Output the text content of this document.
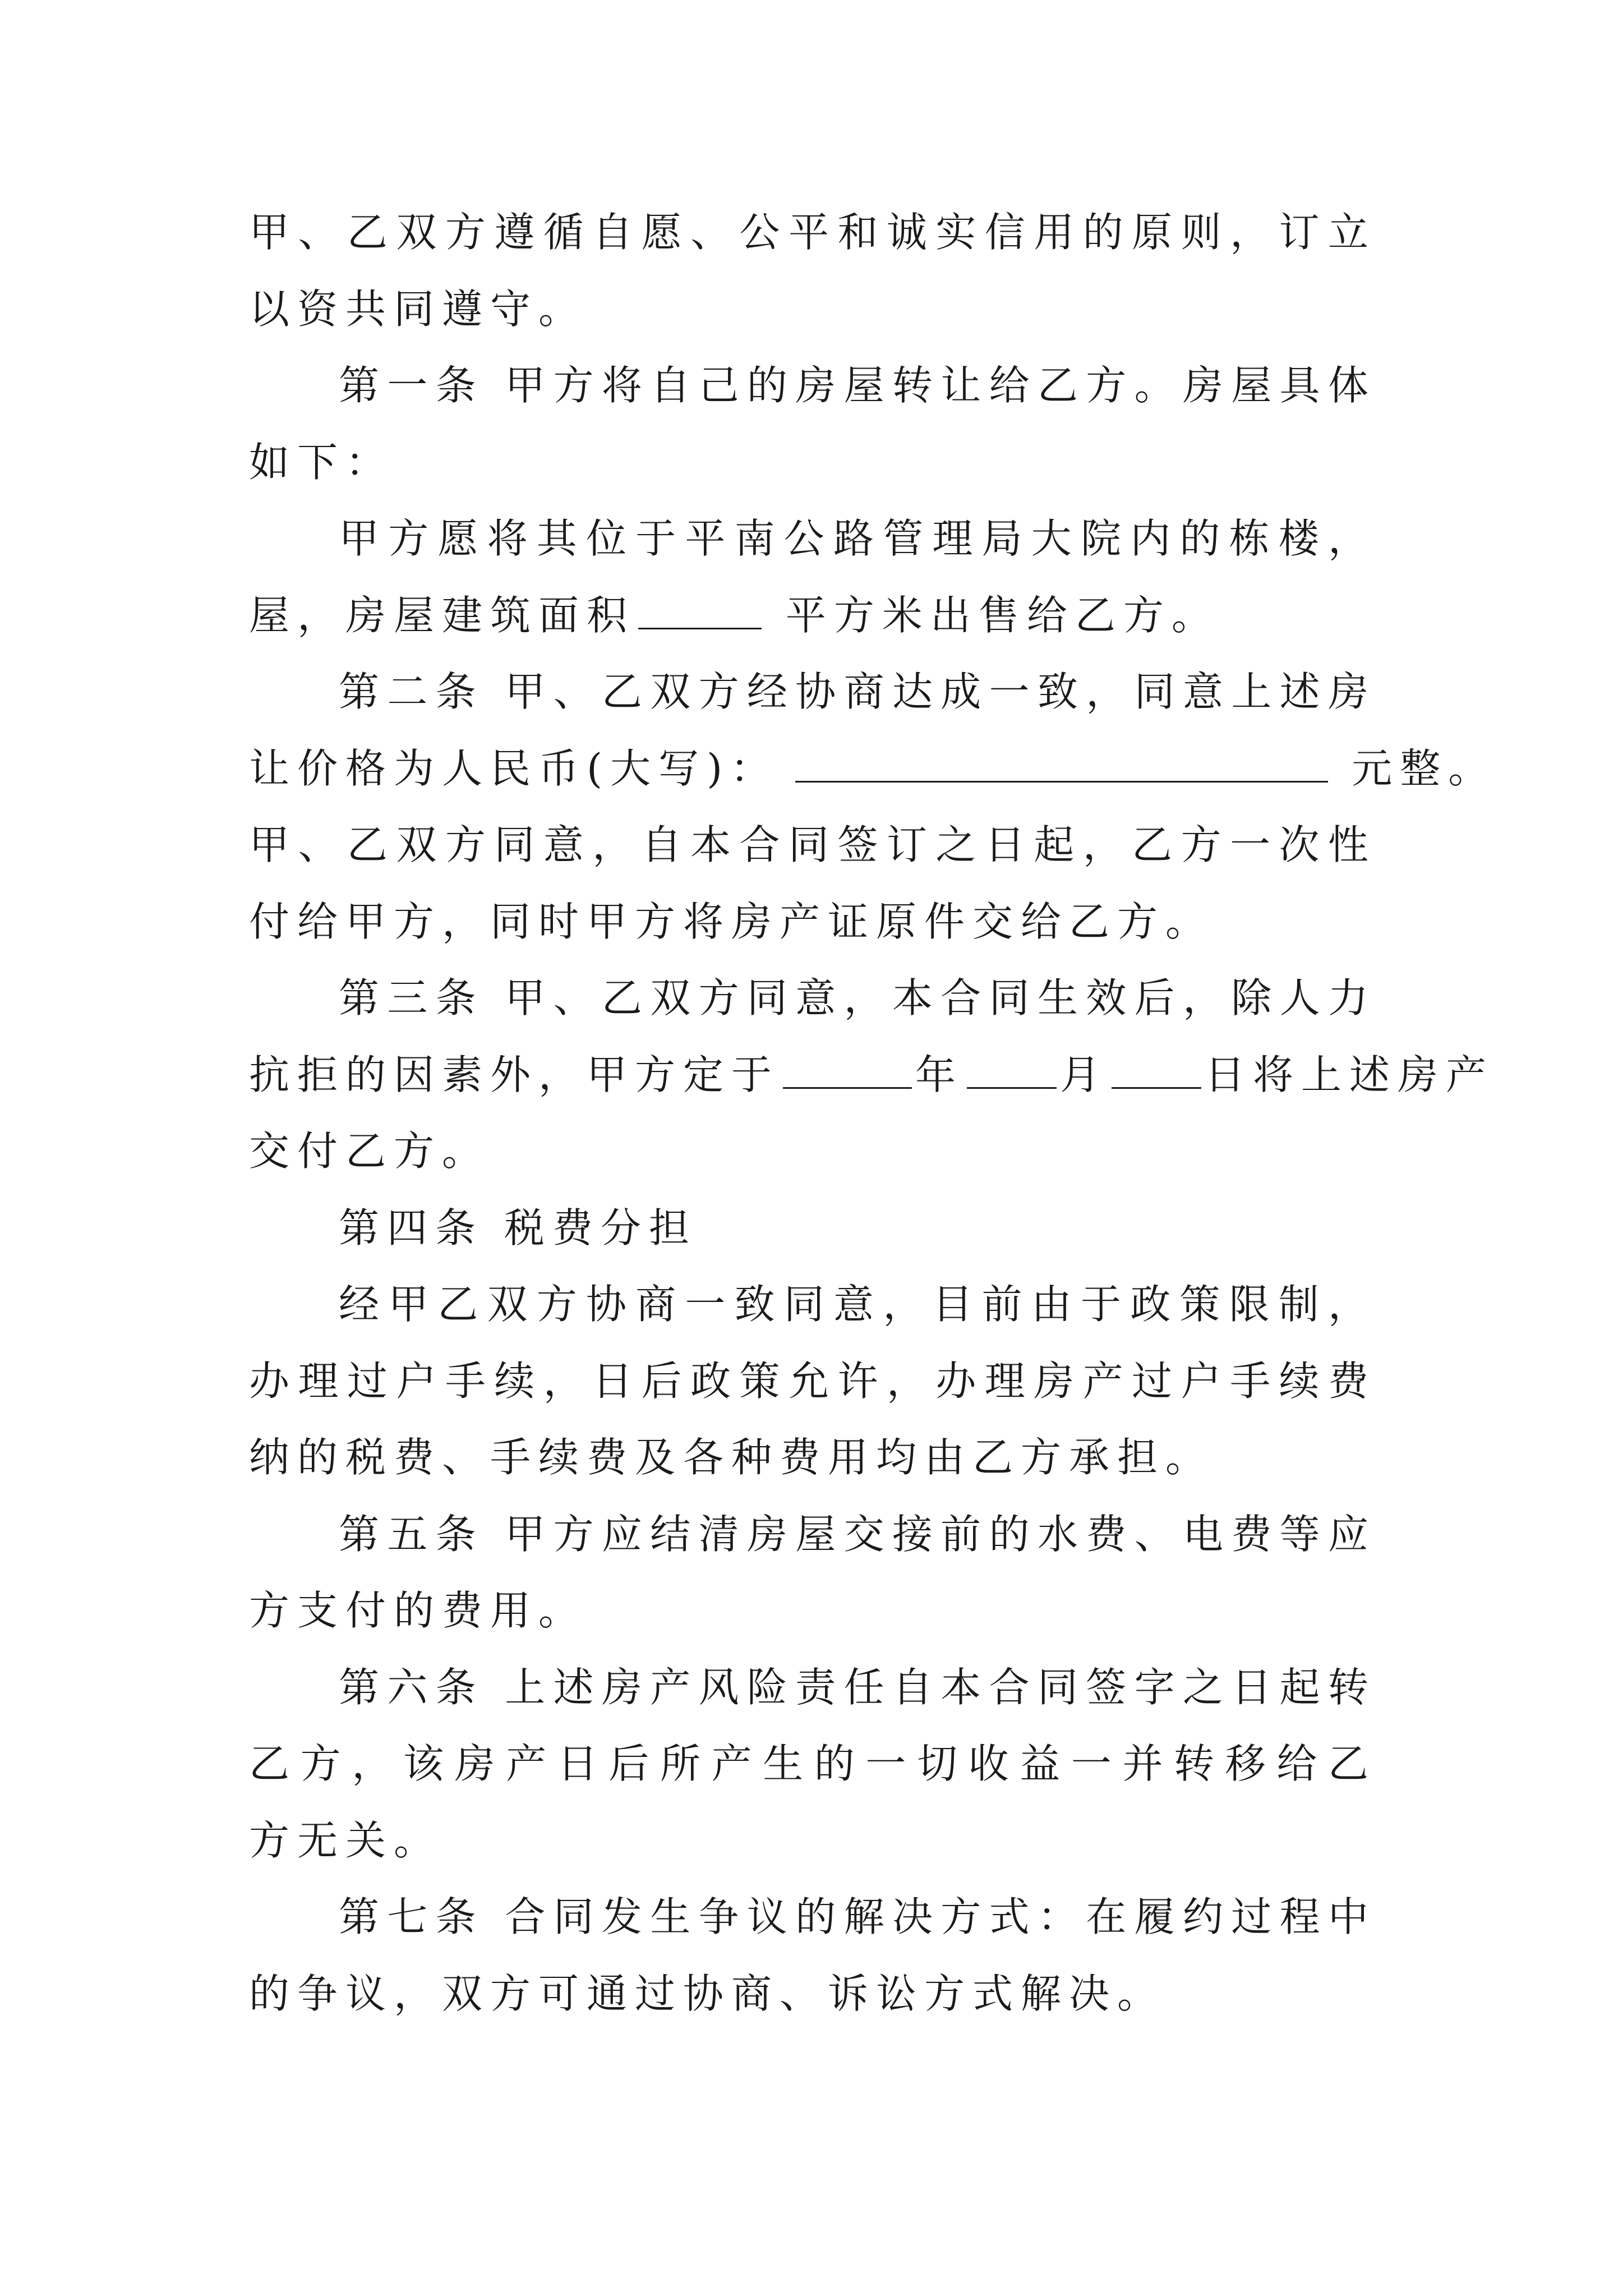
甲、乙双方遵循自愿、公平和诚实信用的原则，订立
以资共同遵守。
第一条 甲方将自己的房屋转让给乙方。房屋具体
如下：
甲方愿将其位于平南公路管理局大院内的栋楼，
屋，房屋建筑面积	平方米出售给乙方。
第二条 甲、乙双方经协商达成一致，同意上述房
让价格为人民币(大写)：	元整。
甲、乙双方同意，自本合同签订之日起，乙方一次性
付给甲方，同时甲方将房产证原件交给乙方。
第三条 甲、乙双方同意，本合同生效后，除人力
抗拒的因素外，甲方定于	年 月 日将上述房产
交付乙方。
第四条 税费分担
经甲乙双方协商一致同意，目前由于政策限制，
办理过户手续，日后政策允许，办理房产过户手续费
纳的税费、手续费及各种费用均由乙方承担。
第五条 甲方应结清房屋交接前的水费、电费等应
方支付的费用。
第六条 上述房产风险责任自本合同签字之日起转
乙方，该房产日后所产生的一切收益一并转移给乙
方无关。
第七条 合同发生争议的解决方式：在履约过程中
的争议，双方可通过协商、诉讼方式解决。
